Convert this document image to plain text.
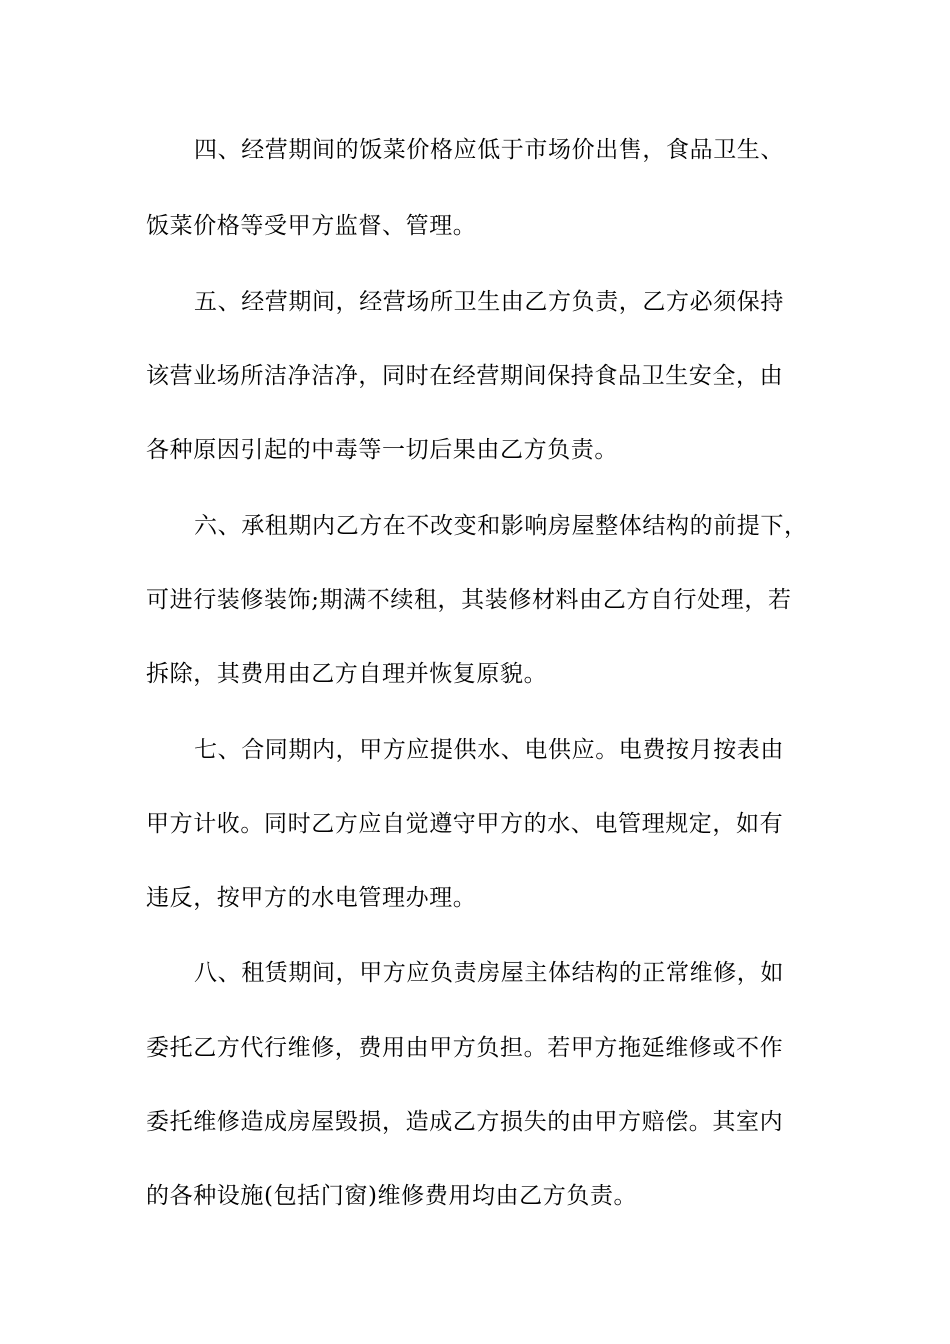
四、经营期间的饭菜价格应低于市场价出售，食品卫生、
饭菜价格等受甲方监督、管理。
五、经营期间，经营场所卫生由乙方负责，乙方必须保持
该营业场所洁净洁净，同时在经营期间保持食品卫生安全，由
各种原因引起的中毒等一切后果由乙方负责。
六、承租期内乙方在不改变和影响房屋整体结构的前提下，
可进行装修装饰;期满不续租，其装修材料由乙方自行处理，若
拆除，其费用由乙方自理并恢复原貌。
七、合同期内，甲方应提供水、电供应。电费按月按表由
甲方计收。同时乙方应自觉遵守甲方的水、电管理规定，如有
违反，按甲方的水电管理办理。
八、租赁期间，甲方应负责房屋主体结构的正常维修，如
委托乙方代行维修，费用由甲方负担。若甲方拖延维修或不作
委托维修造成房屋毁损，造成乙方损失的由甲方赔偿。其室内
的各种设施(包括门窗)维修费用均由乙方负责。
